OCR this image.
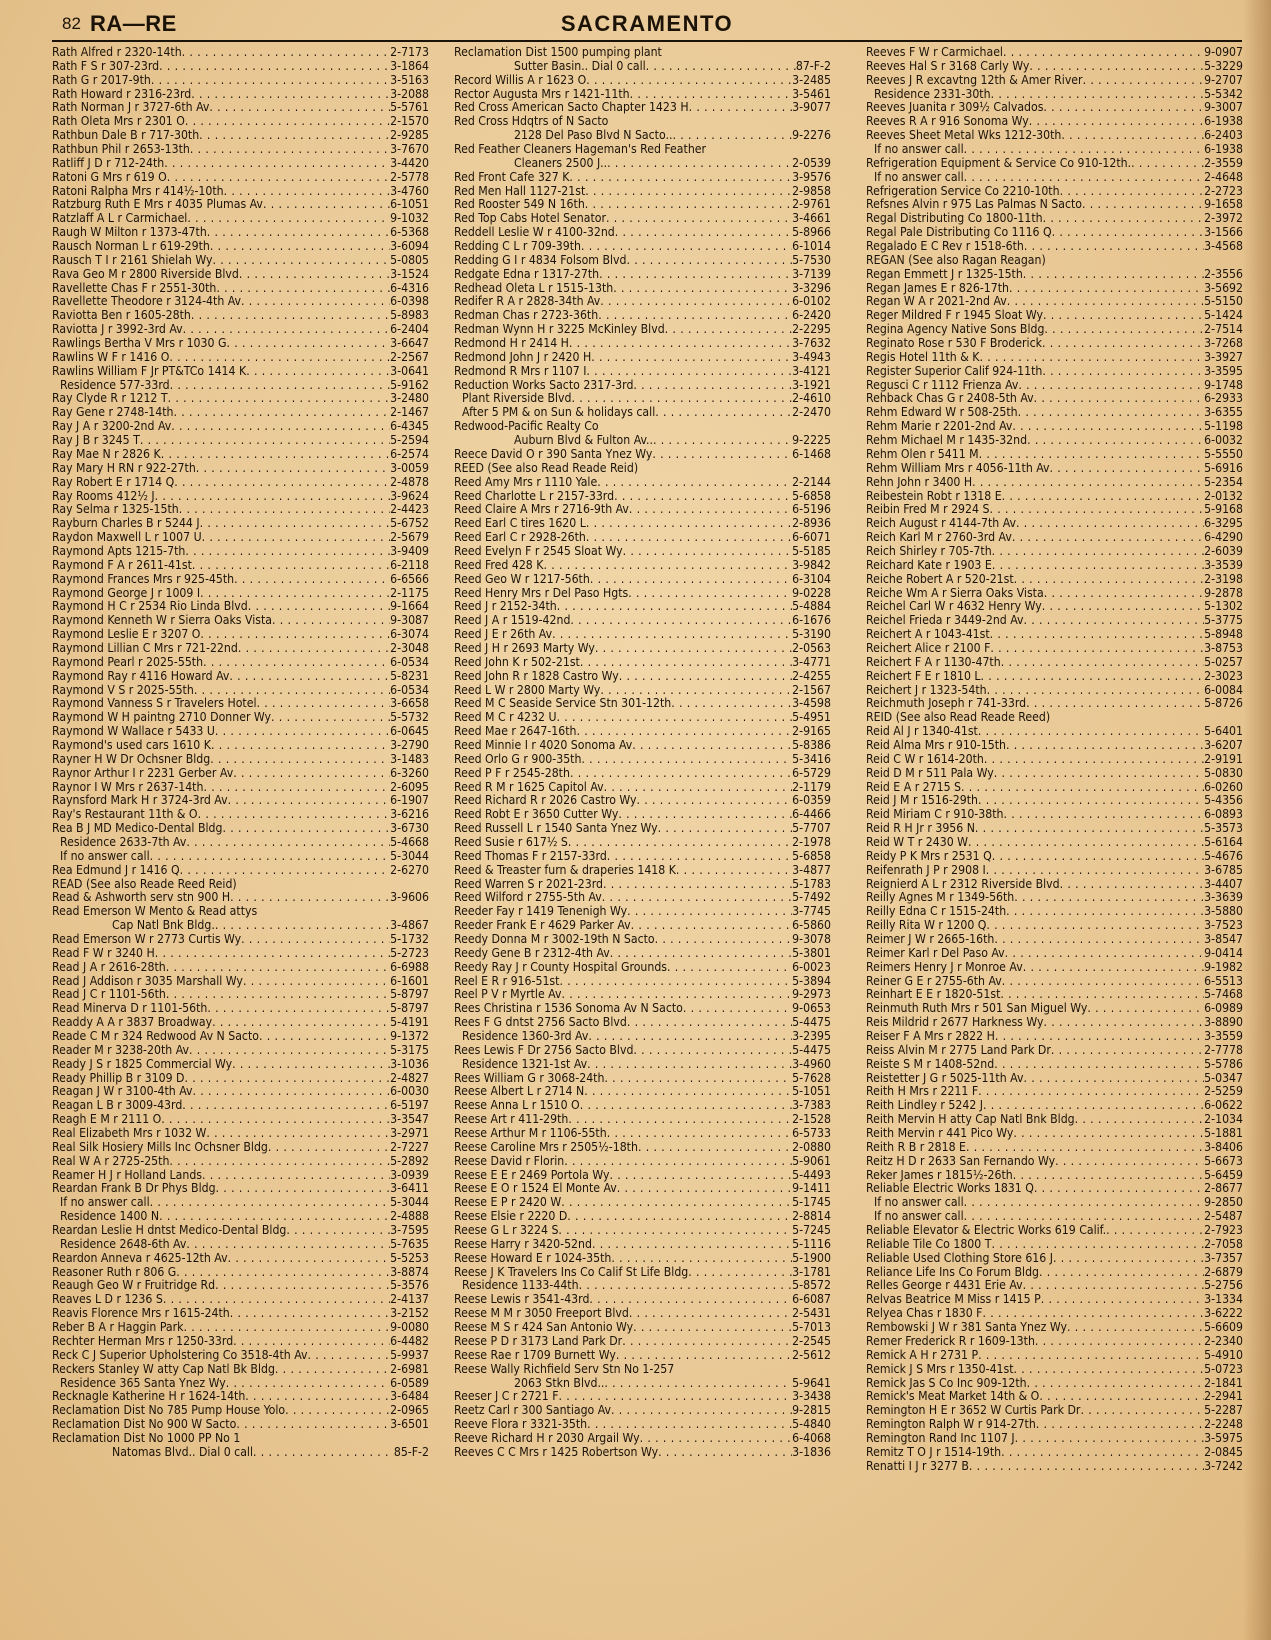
82 RA—RE	SACRAMENTO
Rath Alfred r 2320-14th . . .	2-7173
Rath F S r 307-23rd . . .	3-1864
Rath G r 2017-9th . . .	3-5163
Rath Howard r 2316-23rd . . .	3-2088
Rath Norman J r 3727-6th Av . . .	5-5761
Rath Oleta Mrs r 2301 O . . .	2-1570
Rathbun Dale B r 717-30th . . .	2-9285
Rathbun Phil r 2653-13th . . .	3-7670
Ratliff J D r 712-24th . . .	3-4420
Ratoni G Mrs r 619 O . . .	2-5778
Ratoni Ralpha Mrs r 414½-10th . . .	3-4760
Ratzburg Ruth E Mrs r 4035 Plumas Av . . .	6-1051
Ratzlaff A L r Carmichael . . .	9-1032
Raugh W Milton r 1373-47th . . .	6-5368
Rausch Norman L r 619-29th . . .	3-6094
Rausch T I r 2161 Shielah Wy . . .	5-0805
Rava Geo M r 2800 Riverside Blvd . . .	3-1524
Ravellette Chas F r 2551-30th . . .	6-4316
Ravellette Theodore r 3124-4th Av . . .	6-0398
Raviotta Ben r 1605-28th . . .	5-8983
Raviotta J r 3992-3rd Av . . .	6-2404
Rawlings Bertha V Mrs r 1030 G . . .	3-6647
Rawlins W F r 1416 O . . .	2-2567
Rawlins William F Jr PT&TCo 1414 K . . .	3-0641
Residence 577-33rd . . .	5-9162
Ray Clyde R r 1212 T . . .	3-2480
Ray Gene r 2748-14th . . .	2-1467
Ray J A r 3200-2nd Av . . .	6-4345
Ray J B r 3245 T . . .	5-2594
Ray Mae N r 2826 K . . .	6-2574
Ray Mary H RN r 922-27th . . .	3-0059
Ray Robert E r 1714 Q . . .	2-4878
Ray Rooms 412½ J . . .	3-9624
Ray Selma r 1325-15th . . .	2-4423
Rayburn Charles B r 5244 J . . .	5-6752
Raydon Maxwell L r 1007 U . . .	2-5679
Raymond Apts 1215-7th . . .	3-9409
Raymond F A r 2611-41st . . .	6-2118
Raymond Frances Mrs r 925-45th . . .	6-6566
Raymond George J r 1009 I . . .	2-1175
Raymond H C r 2534 Rio Linda Blvd . . .	9-1664
Raymond Kenneth W r Sierra Oaks Vista . . .	9-3087
Raymond Leslie E r 3207 O . . .	6-3074
Raymond Lillian C Mrs r 721-22nd . . .	2-3048
Raymond Pearl r 2025-55th . . .	6-0534
Raymond Ray r 4116 Howard Av . . .	5-8231
Raymond V S r 2025-55th . . .	6-0534
Raymond Vanness S r Travelers Hotel . . .	3-6658
Raymond W H paintng 2710 Donner Wy . . .	5-5732
Raymond W Wallace r 5433 U . . .	6-0645
Raymond's used cars 1610 K . . .	3-2790
Rayner H W Dr Ochsner Bldg . . .	3-1483
Raynor Arthur I r 2231 Gerber Av . . .	6-3260
Raynor I W Mrs r 2637-14th . . .	2-6095
Raynsford Mark H r 3724-3rd Av . . .	6-1907
Ray's Restaurant 11th & O . . .	3-6216
Rea B J MD Medico-Dental Bldg . . .	3-6730
Residence 2633-7th Av . . .	5-4668
If no answer call . . .	5-3044
Rea Edmund J r 1416 Q . . .	2-6270
READ (See also Reade Reed Reid)
Read & Ashworth serv stn 900 H . . .	3-9606
Read Emerson W Mento & Read attys
Cap Natl Bnk Bldg. . . .	3-4867
Read Emerson W r 2773 Curtis Wy . . .	5-1732
Read F W r 3240 H . . .	5-2723
Read J A r 2616-28th . . .	6-6988
Read J Addison r 3035 Marshall Wy . . .	6-1601
Read J C r 1101-56th . . .	5-8797
Read Minerva D r 1101-56th . . .	5-8797
Readdy A A r 3837 Broadway . . .	5-4191
Reade C M r 324 Redwood Av N Sacto . . .	9-1372
Reader M r 3238-20th Av . . .	5-3175
Ready J S r 1825 Commercial Wy . . .	3-1036
Ready Phillip B r 3109 D . . .	2-4827
Reagan J W r 3100-4th Av . . .	6-0030
Reagan L B r 3009-43rd . . .	6-5197
Reagh E M r 2111 O . . .	3-3547
Real Elizabeth Mrs r 1032 W . . .	3-2971
Real Silk Hosiery Mills Inc Ochsner Bldg . . .	2-7227
Real W A r 2725-25th . . .	5-2892
Reamer H J r Holland Lands . . .	3-0939
Reardan Frank B Dr Phys Bldg . . .	3-6411
If no answer call . . .	5-3044
Residence 1400 N . . .	2-4888
Reardan Leslie H dntst Medico-Dental Bldg . . .	3-7595
Residence 2648-6th Av . . .	5-7635
Reardon Anneva r 4625-12th Av . . .	5-5253
Reasoner Ruth r 806 G . . .	3-8874
Reaugh Geo W r Fruitridge Rd . . .	5-3576
Reaves L D r 1236 S . . .	2-4137
Reavis Florence Mrs r 1615-24th . . .	3-2152
Reber B A r Haggin Park . . .	9-0080
Rechter Herman Mrs r 1250-33rd . . .	6-4482
Reck C J Superior Upholstering Co 3518-4th Av . . .	5-9937
Reckers Stanley W atty Cap Natl Bk Bldg . . .	2-6981
Residence 365 Santa Ynez Wy . . .	6-0589
Recknagle Katherine H r 1624-14th . . .	3-6484
Reclamation Dist No 785 Pump House Yolo . . .	2-0965
Reclamation Dist No 900 W Sacto . . .	3-6501
Reclamation Dist No 1000 PP No 1
Natomas Blvd.. Dial 0 call . . .	85-F-2
Reclamation Dist 1500 pumping plant
Sutter Basin.. Dial 0 call . . .	87-F-2
Record Willis A r 1623 O . . .	3-2485
Rector Augusta Mrs r 1421-11th . . .	3-5461
Red Cross American Sacto Chapter 1423 H . . .	3-9077
Red Cross Hdqtrs of N Sacto
2128 Del Paso Blvd N Sacto.. . . .	9-2276
Red Feather Cleaners Hageman's Red Feather
Cleaners 2500 J.. . . .	2-0539
Red Front Cafe 327 K . . .	3-9576
Red Men Hall 1127-21st . . .	2-9858
Red Rooster 549 N 16th . . .	2-9761
Red Top Cabs Hotel Senator . . .	3-4661
Reddell Leslie W r 4100-32nd . . .	5-8966
Redding C L r 709-39th . . .	6-1014
Redding G I r 4834 Folsom Blvd . . .	5-7530
Redgate Edna r 1317-27th . . .	3-7139
Redhead Oleta L r 1515-13th . . .	3-3296
Redifer R A r 2828-34th Av . . .	6-0102
Redman Chas r 2723-36th . . .	6-2420
Redman Wynn H r 3225 McKinley Blvd . . .	2-2295
Redmond H r 2414 H . . .	3-7632
Redmond John J r 2420 H . . .	3-4943
Redmond R Mrs r 1107 I . . .	3-4121
Reduction Works Sacto 2317-3rd . . .	3-1921
Plant Riverside Blvd . . .	2-4610
After 5 PM & on Sun & holidays call . . .	2-2470
Redwood-Pacific Realty Co
Auburn Blvd & Fulton Av.. . . .	9-2225
Reece David O r 390 Santa Ynez Wy . . .	6-1468
REED (See also Read Reade Reid)
Reed Amy Mrs r 1110 Yale . . .	2-2144
Reed Charlotte L r 2157-33rd . . .	5-6858
Reed Claire A Mrs r 2716-9th Av . . .	6-5196
Reed Earl C tires 1620 L . . .	2-8936
Reed Earl C r 2928-26th . . .	6-6071
Reed Evelyn F r 2545 Sloat Wy . . .	5-5185
Reed Fred 428 K . . .	3-9842
Reed Geo W r 1217-56th . . .	6-3104
Reed Henry Mrs r Del Paso Hgts . . .	9-0228
Reed J r 2152-34th . . .	5-4884
Reed J A r 1519-42nd . . .	6-1676
Reed J E r 26th Av . . .	5-3190
Reed J H r 2693 Marty Wy . . .	2-0563
Reed John K r 502-21st . . .	3-4771
Reed John R r 1828 Castro Wy . . .	2-4255
Reed L W r 2800 Marty Wy . . .	2-1567
Reed M C Seaside Service Stn 301-12th . . .	3-4598
Reed M C r 4232 U . . .	5-4951
Reed Mae r 2647-16th . . .	2-9165
Reed Minnie I r 4020 Sonoma Av . . .	5-8386
Reed Orlo G r 900-35th . . .	5-3416
Reed P F r 2545-28th . . .	6-5729
Reed R M r 1625 Capitol Av . . .	2-1179
Reed Richard R r 2026 Castro Wy . . .	6-0359
Reed Robt E r 3650 Cutter Wy . . .	6-4466
Reed Russell L r 1540 Santa Ynez Wy . . .	5-7707
Reed Susie r 617½ S . . .	2-1978
Reed Thomas F r 2157-33rd . . .	5-6858
Reed & Treaster furn & draperies 1418 K . . .	3-4877
Reed Warren S r 2021-23rd . . .	5-1783
Reed Wilford r 2755-5th Av . . .	5-7492
Reeder Fay r 1419 Tenenigh Wy . . .	3-7745
Reeder Frank E r 4629 Parker Av . . .	6-5860
Reedy Donna M r 3002-19th N Sacto . . .	9-3078
Reedy Gene B r 2312-4th Av . . .	5-3801
Reedy Ray J r County Hospital Grounds . . .	6-0023
Reel E R r 916-51st . . .	5-3894
Reel P V r Myrtle Av . . .	9-2973
Rees Christina r 1536 Sonoma Av N Sacto . . .	9-0653
Rees F G dntst 2756 Sacto Blvd . . .	5-4475
Residence 1360-3rd Av . . .	3-2395
Rees Lewis F Dr 2756 Sacto Blvd . . .	5-4475
Residence 1321-1st Av . . .	3-4960
Rees William G r 3068-24th . . .	5-7628
Reese Albert L r 2714 N . . .	5-1051
Reese Anna L r 1510 O . . .	3-7383
Reese Art r 411-29th . . .	2-1528
Reese Arthur M r 1106-55th . . .	6-5733
Reese Caroline Mrs r 2505½-18th . . .	2-0880
Reese David r Florin . . .	5-9061
Reese E E r 2469 Portola Wy . . .	5-4493
Reese E O r 1524 El Monte Av . . .	9-1411
Reese E P r 2420 W . . .	5-1745
Reese Elsie r 2220 D . . .	2-8814
Reese G L r 3224 S . . .	5-7245
Reese Harry r 3420-52nd . . .	5-1116
Reese Howard E r 1024-35th . . .	5-1900
Reese J K Travelers Ins Co Calif St Life Bldg . . .	3-1781
Residence 1133-44th . . .	5-8572
Reese Lewis r 3541-43rd . . .	6-6087
Reese M M r 3050 Freeport Blvd . . .	2-5431
Reese M S r 424 San Antonio Wy . . .	5-7013
Reese P D r 3173 Land Park Dr . . .	2-2545
Reese Rae r 1709 Burnett Wy . . .	2-5612
Reese Wally Richfield Serv Stn No 1-257
2063 Stkn Blvd.. . . .	5-9641
Reeser J C r 2721 F . . .	3-3438
Reetz Carl r 300 Santiago Av . . .	9-2815
Reeve Flora r 3321-35th . . .	5-4840
Reeve Richard H r 2030 Argail Wy . . .	6-4068
Reeves C C Mrs r 1425 Robertson Wy . . .	3-1836
Reeves F W r Carmichael . . .	9-0907
Reeves Hal S r 3168 Carly Wy . . .	5-3229
Reeves J R excavtng 12th & Amer River . . .	9-2707
Residence 2331-30th . . .	5-5342
Reeves Juanita r 309½ Calvados . . .	9-3007
Reeves R A r 916 Sonoma Wy . . .	6-1938
Reeves Sheet Metal Wks 1212-30th . . .	6-2403
If no answer call . . .	6-1938
Refrigeration Equipment & Service Co 910-12th. . . .	2-3559
If no answer call . . .	2-4648
Refrigeration Service Co 2210-10th . . .	2-2723
Refsnes Alvin r 975 Las Palmas N Sacto . . .	9-1658
Regal Distributing Co 1800-11th . . .	2-3972
Regal Pale Distributing Co 1116 Q . . .	3-1566
Regalado E C Rev r 1518-6th . . .	3-4568
REGAN (See also Ragan Reagan)
Regan Emmett J r 1325-15th . . .	2-3556
Regan James E r 826-17th . . .	3-5692
Regan W A r 2021-2nd Av . . .	5-5150
Reger Mildred F r 1945 Sloat Wy . . .	5-1424
Regina Agency Native Sons Bldg . . .	2-7514
Reginato Rose r 530 F Broderick . . .	3-7268
Regis Hotel 11th & K . . .	3-3927
Register Superior Calif 924-11th . . .	3-3595
Reguscі C r 1112 Frienza Av . . .	9-1748
Rehback Chas G r 2408-5th Av . . .	6-2933
Rehm Edward W r 508-25th . . .	3-6355
Rehm Marie r 2201-2nd Av . . .	5-1198
Rehm Michael M r 1435-32nd . . .	6-0032
Rehm Olen r 5411 M . . .	5-5550
Rehm William Mrs r 4056-11th Av . . .	5-6916
Rehn John r 3400 H . . .	5-2354
Reibestein Robt r 1318 E . . .	2-0132
Reibin Fred M r 2924 S . . .	5-9168
Reich August r 4144-7th Av . . .	6-3295
Reich Karl M r 2760-3rd Av . . .	6-4290
Reich Shirley r 705-7th . . .	2-6039
Reichard Kate r 1903 E . . .	3-3539
Reiche Robert A r 520-21st . . .	2-3198
Reiche Wm A r Sierra Oaks Vista . . .	9-2878
Reichel Carl W r 4632 Henry Wy . . .	5-1302
Reichel Frieda r 3449-2nd Av . . .	5-3775
Reichert A r 1043-41st . . .	5-8948
Reichert Alice r 2100 F . . .	3-8753
Reichert F A r 1130-47th . . .	5-0257
Reichert F E r 1810 L . . .	2-3023
Reichert J r 1323-54th . . .	6-0084
Reichmuth Joseph r 741-33rd . . .	5-8726
REID (See also Read Reade Reed)
Reid Al J r 1340-41st . . .	5-6401
Reid Alma Mrs r 910-15th . . .	3-6207
Reid C W r 1614-20th . . .	2-9191
Reid D M r 511 Pala Wy . . .	5-0830
Reid E A r 2715 S . . .	6-0260
Reid J M r 1516-29th . . .	5-4356
Reid Miriam C r 910-38th . . .	6-0893
Reid R H Jr r 3956 N . . .	5-3573
Reid W T r 2430 W . . .	5-6164
Reidy P K Mrs r 2531 Q . . .	5-4676
Reifenrath J P r 2908 I . . .	3-6785
Reignierd A L r 2312 Riverside Blvd . . .	3-4407
Reilly Agnes M r 1349-56th . . .	3-3639
Reilly Edna C r 1515-24th . . .	3-5880
Reilly Rita W r 1200 Q . . .	3-7523
Reimer J W r 2665-16th . . .	3-8547
Reimer Karl r Del Paso Av . . .	9-0414
Reimers Henry J r Monroe Av . . .	9-1982
Reiner G E r 2755-6th Av . . .	6-5513
Reinhart E E r 1820-51st . . .	5-7468
Reinmuth Ruth Mrs r 501 San Miguel Wy . . .	6-0989
Reis Mildrid r 2677 Harkness Wy . . .	3-8890
Reiser F A Mrs r 2822 H . . .	3-3559
Reiss Alvin M r 2775 Land Park Dr . . .	2-7778
Reiste S M r 1408-52nd . . .	5-5786
Reistetter J G r 5025-11th Av . . .	5-0347
Reith H Mrs r 2211 F . . .	2-5259
Reith Lindley r 5242 J . . .	6-0622
Reith Mervin H atty Cap Natl Bnk Bldg . . .	2-1034
Reith Mervin r 441 Pico Wy . . .	5-1881
Reith R B r 2818 E . . .	3-8406
Reitz H D r 2633 San Fernando Wy . . .	5-6673
Reker James r 1815½-26th . . .	5-6459
Reliable Electric Works 1831 Q . . .	2-8677
If no answer call . . .	9-2850
If no answer call . . .	2-5487
Reliable Elevator & Electric Works 619 Calif. . . .	2-7923
Reliable Tile Co 1800 T . . .	2-7058
Reliable Used Clothing Store 616 J . . .	3-7357
Reliance Life Ins Co Forum Bldg . . .	2-6879
Relles George r 4431 Erie Av . . .	5-2756
Relvas Beatrice M Miss r 1415 P . . .	3-1334
Relyea Chas r 1830 F . . .	3-6222
Rembowski J W r 381 Santa Ynez Wy . . .	5-6609
Remer Frederick R r 1609-13th . . .	2-2340
Remick A H r 2731 P . . .	5-4910
Remick J S Mrs r 1350-41st . . .	5-0723
Remick Jas S Co Inc 909-12th . . .	2-1841
Remick's Meat Market 14th & O . . .	2-2941
Remington H E r 3652 W Curtis Park Dr . . .	5-2287
Remington Ralph W r 914-27th . . .	2-2248
Remington Rand Inc 1107 J . . .	3-5975
Remitz T O J r 1514-19th . . .	2-0845
Renatti I J r 3277 B . . .	3-7242
